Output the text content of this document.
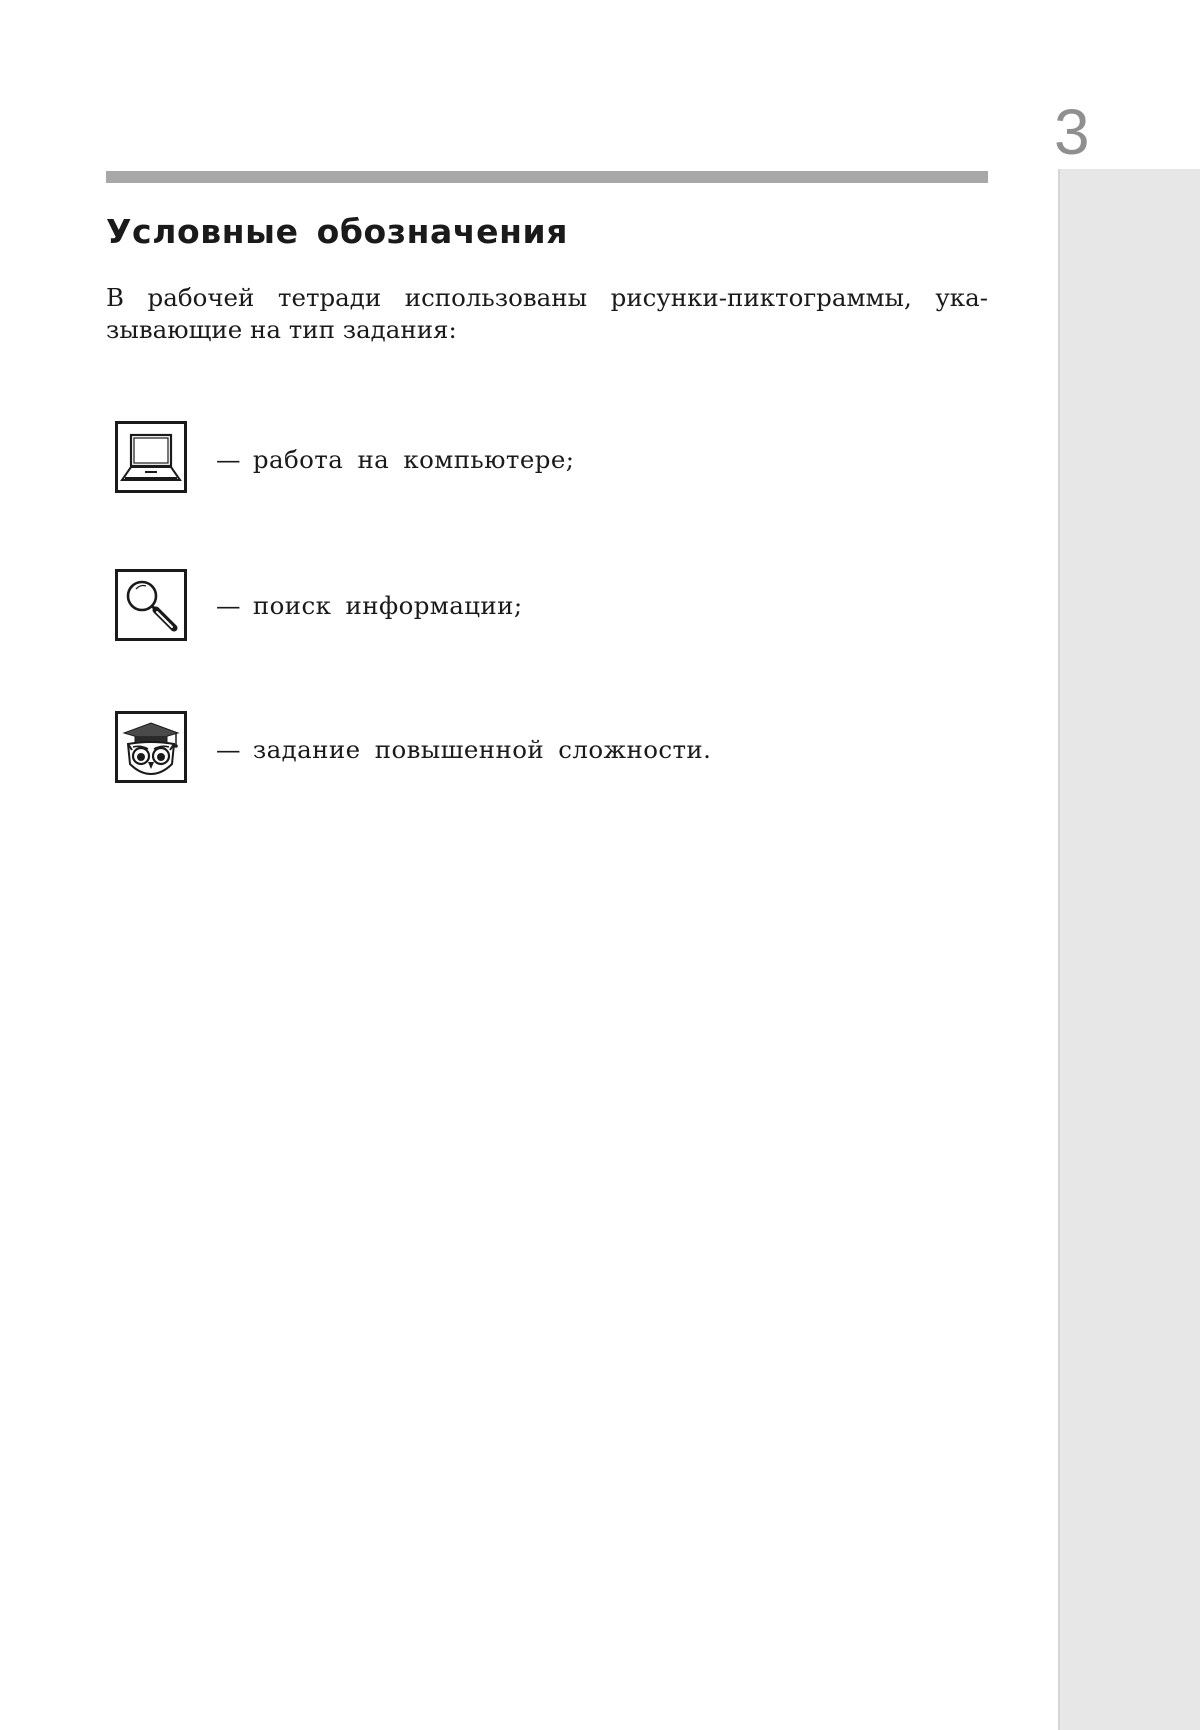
3
Условные обозначения

В рабочей тетради использованы рисунки-пиктограммы, ука-
зывающие на тип задания:

— работа на компьютере;
— поиск информации;
— задание повышенной сложности.
